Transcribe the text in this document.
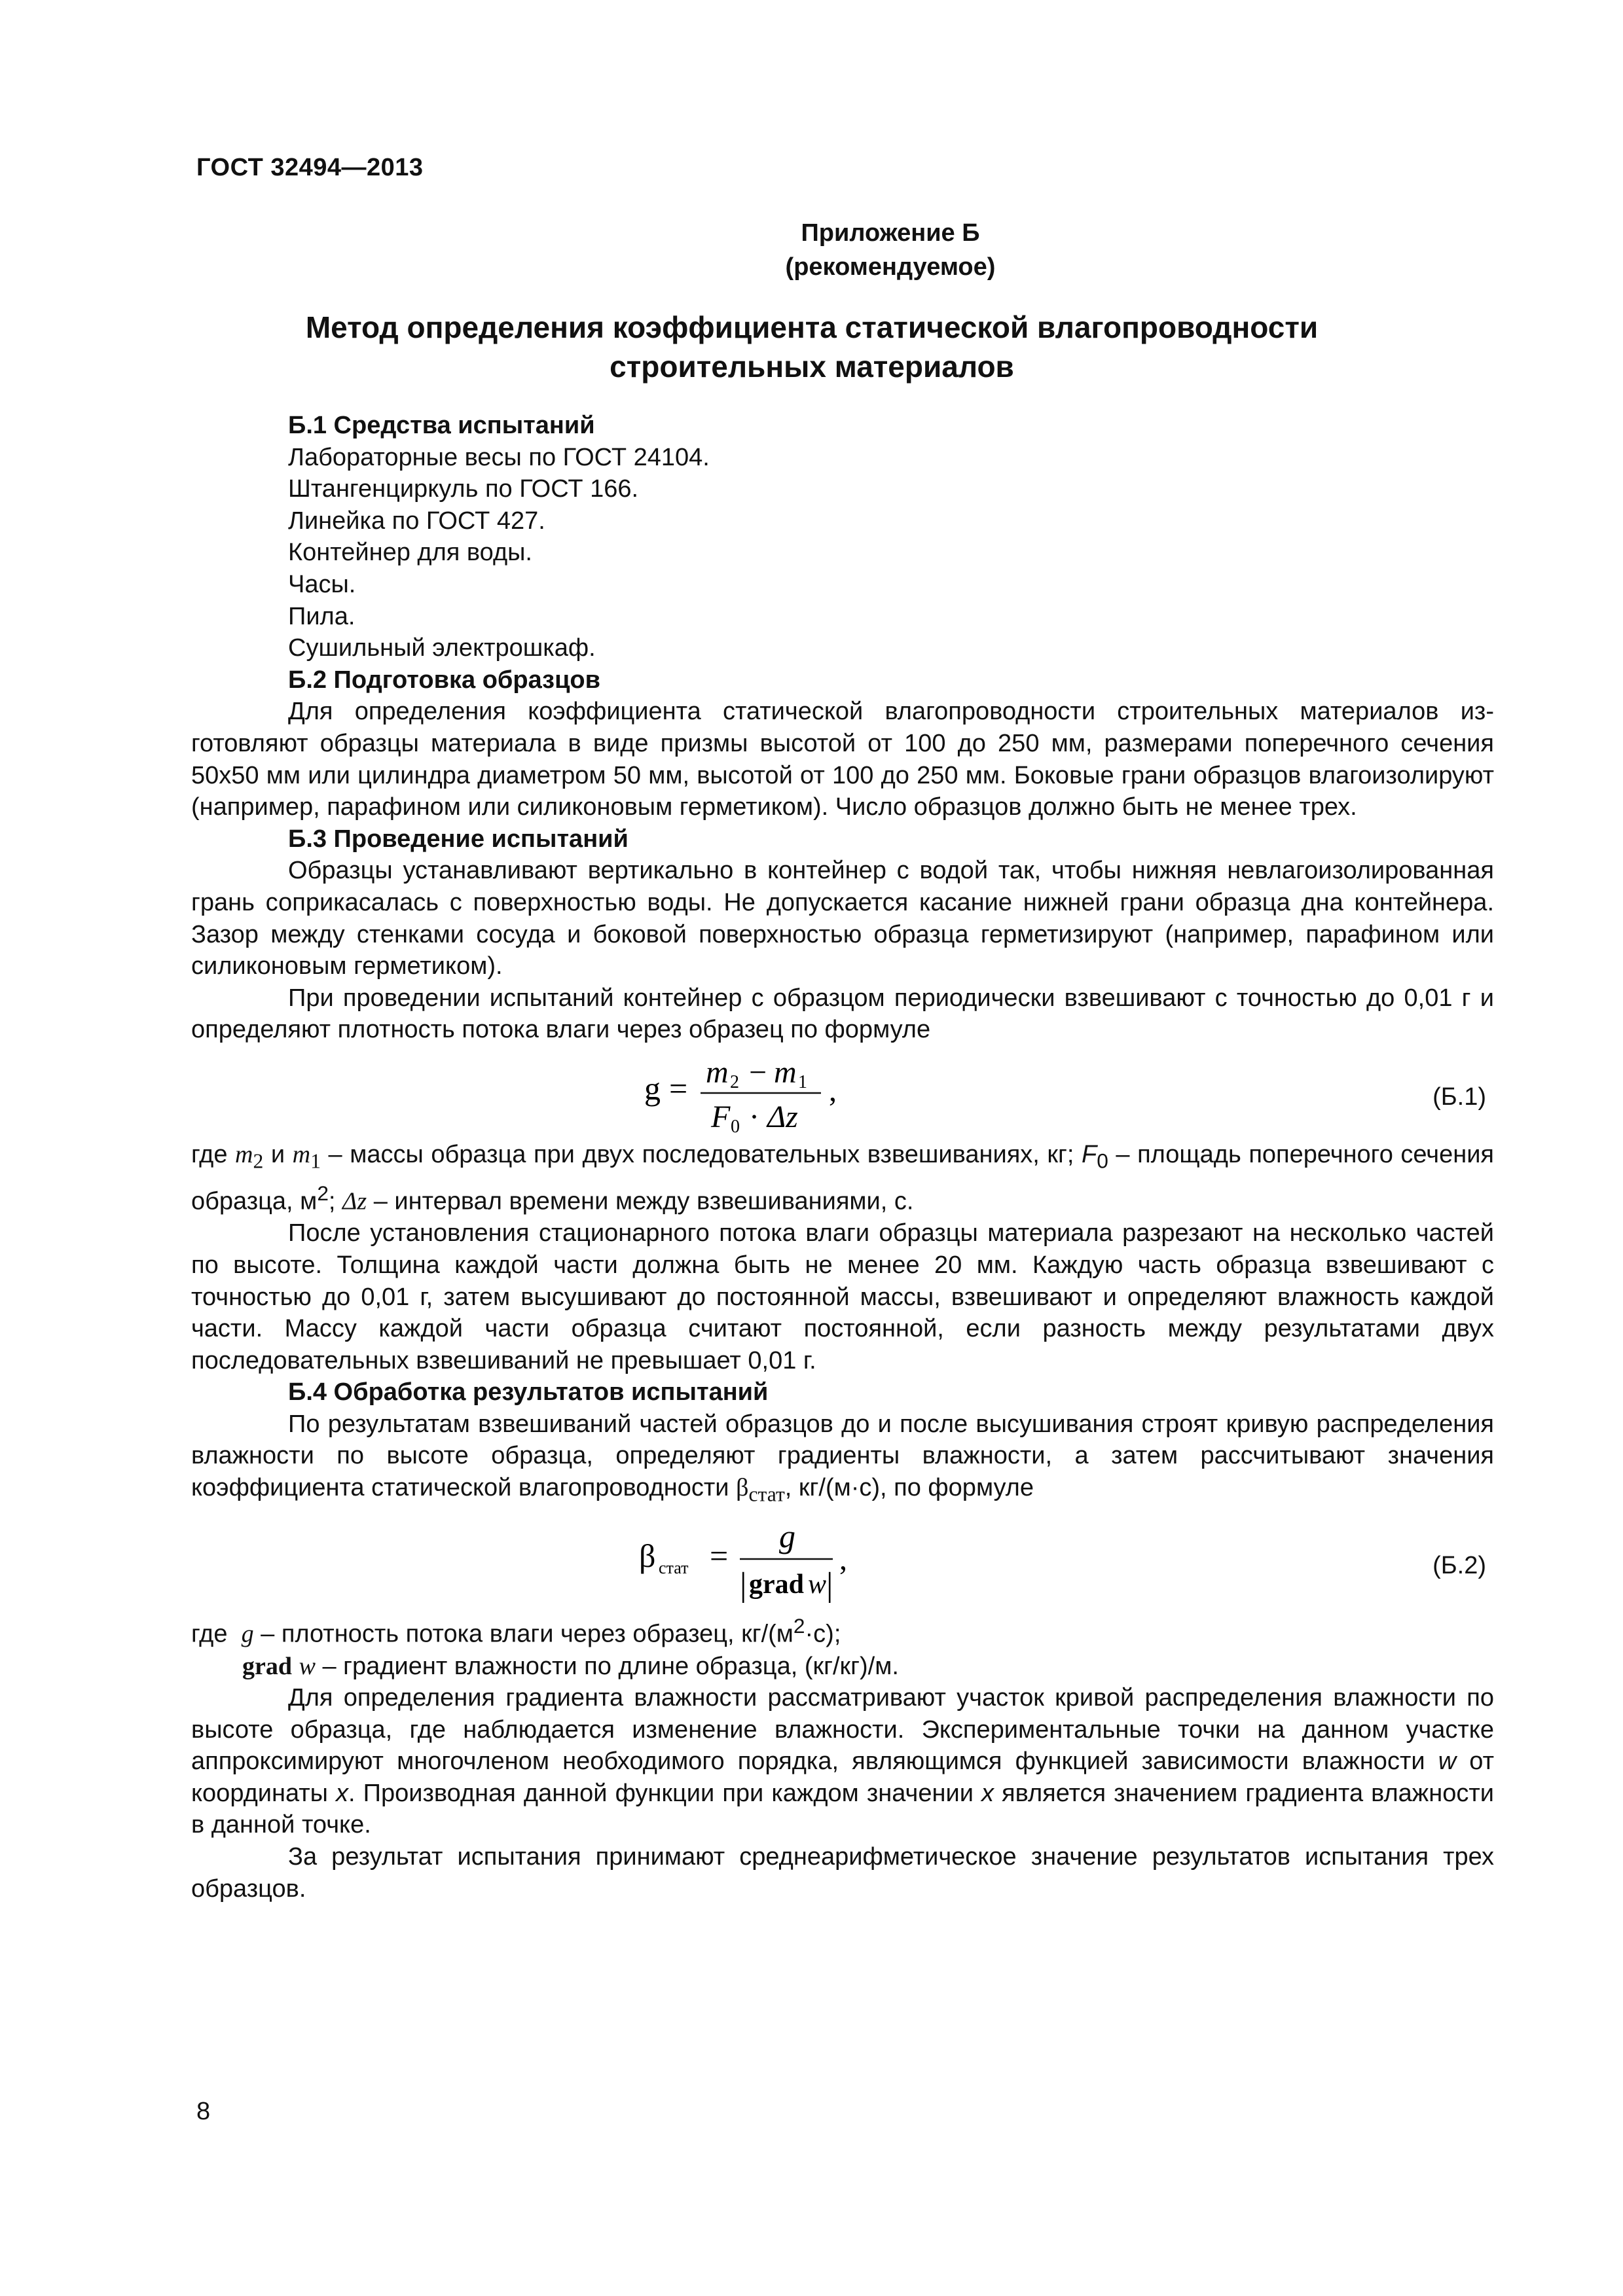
ГОСТ 32494—2013
Приложение Б
(рекомендуемое)
Метод определения коэффициента статической влагопроводности
строительных материалов

Б.1 Средства испытаний

Лабораторные весы по ГОСТ 24104.

Штангенциркуль по ГОСТ 166.

Линейка по ГОСТ 427.

Контейнер для воды.

Часы.

Пила.

Сушильный электрошкаф.

Б.2 Подготовка образцов

Для определения коэффициента статической влагопроводности строительных материалов изготовляют образцы материала в виде призмы высотой от 100 до 250 мм, размерами поперечного сечения 50х50 мм или цилиндра диаметром 50 мм, высотой от 100 до 250 мм. Боковые грани образцов влагоизолируют (например, парафином или силиконовым герметиком). Число образцов должно быть не менее трех.

Б.3 Проведение испытаний

Образцы устанавливают вертикально в контейнер с водой так, чтобы нижняя невлагоизолированная грань соприкасалась с поверхностью воды. Не допускается касание нижней грани образца дна контейнера. Зазор между стенками сосуда и боковой поверхностью образца герметизируют (например, парафином или силиконовым герметиком).

При проведении испытаний контейнер с образцом периодически взвешивают с точностью до 0,01 г и определяют плотность потока влаги через образец по формуле

g = m 2 − m 1
F 0 · Δz
,	(Б.1)

где $m_2$ и $m_1$ – массы образца при двух последовательных взвешиваниях, кг; $F_0$ – площадь поперечного сечения образца, $м^2$; Δz – интервал времени между взвешиваниями, с.

После установления стационарного потока влаги образцы материала разрезают на несколько частей по высоте. Толщина каждой части должна быть не менее 20 мм. Каждую часть образца взвешивают с точностью до 0,01 г, затем высушивают до постоянной массы, взвешивают и определяют влажность каждой части. Массу каждой части образца считают постоянной, если разность между результатами двух последовательных взвешиваний не превышает 0,01 г.

Б.4 Обработка результатов испытаний

По результатам взвешиваний частей образцов до и после высушивания строят кривую распределения влажности по высоте образца, определяют градиенты влажности, а затем рассчитывают значения коэффициента статической влагопроводности $\beta_{стат}$, кг/(м·с), по формуле

β стат =
g
| grad w |
,	(Б.2)

где  g – плотность потока влаги через образец, $кг/(м^2\cdot с)$;

grad w – градиент влажности по длине образца, (кг/кг)/м.

Для определения градиента влажности рассматривают участок кривой распределения влажности по высоте образца, где наблюдается изменение влажности. Экспериментальные точки на данном участке аппроксимируют многочленом необходимого порядка, являющимся функцией зависимости влажности w от координаты x. Производная данной функции при каждом значении x является значением градиента влажности в данной точке.

За результат испытания принимают среднеарифметическое значение результатов испытания трех образцов.

8
